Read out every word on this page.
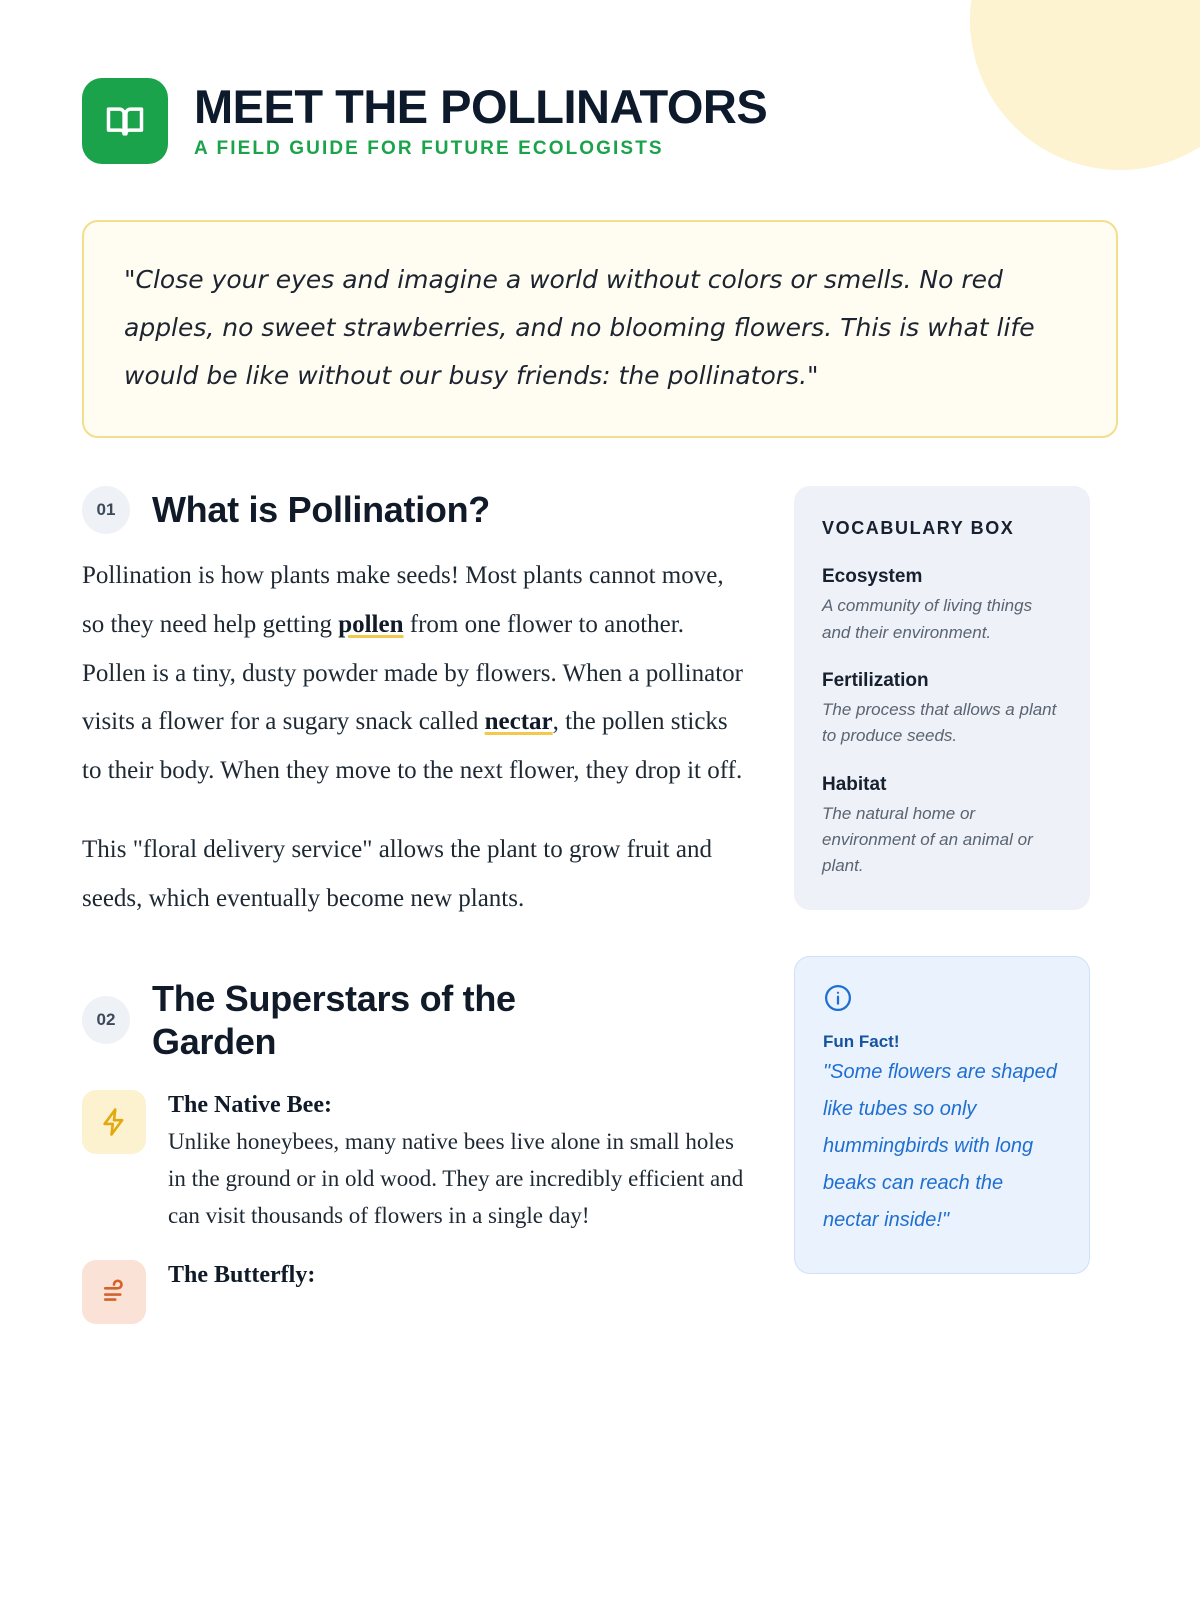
MEET THE POLLINATORS

A FIELD GUIDE FOR FUTURE ECOLOGISTS

"Close your eyes and imagine a world without colors or smells. No red apples, no sweet strawberries, and no blooming flowers. This is what life would be like without our busy friends: the pollinators."

01	What is Pollination?

Pollination is how plants make seeds! Most plants cannot move, so they need help getting pollen from one flower to another. Pollen is a tiny, dusty powder made by flowers. When a pollinator visits a flower for a sugary snack called nectar, the pollen sticks to their body. When they move to the next flower, they drop it off.

This "floral delivery service" allows the plant to grow fruit and seeds, which eventually become new plants.

02
The Superstars of the Garden

The Native Bee:

Unlike honeybees, many native bees live alone in small holes in the ground or in old wood. They are incredibly efficient and can visit thousands of flowers in a single day!

The Butterfly:

VOCABULARY BOX

Ecosystem

A community of living things and their environment.

Fertilization

The process that allows a plant to produce seeds.

Habitat

The natural home or environment of an animal or plant.

Fun Fact!

"Some flowers are shaped like tubes so only hummingbirds with long beaks can reach the nectar inside!"
